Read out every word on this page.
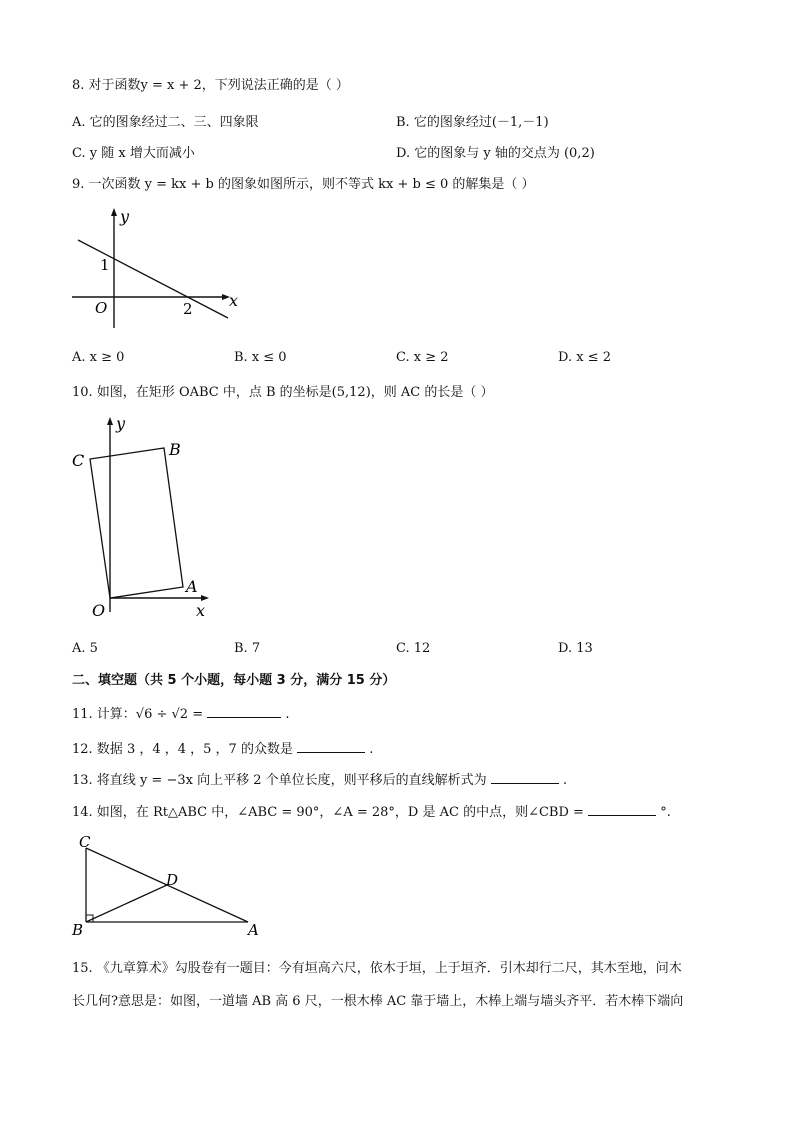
8. 对于函数y = x + 2，下列说法正确的是（ ）
A. 它的图象经过二、三、四象限	B. 它的图象经过(－1,－1)
C. y 随 x 增大而减小	D. 它的图象与 y 轴的交点为 (0,2)
9. 一次函数 y = kx + b 的图象如图所示，则不等式 kx + b ≤ 0 的解集是（ ）
y
x
O
1
2
A. x ≥ 0	B. x ≤ 0	C. x ≥ 2	D. x ≤ 2
10. 如图，在矩形 OABC 中，点 B 的坐标是(5,12)，则 AC 的长是（ ）
y
x
O
A
B
C
A. 5	B. 7	C. 12	D. 13
二、填空题（共 5 个小题，每小题 3 分，满分 15 分）
11. 计算：√6 ÷ √2 =	.
12. 数据 3 ，4 ，4 ，5 ，7 的众数是	.
13. 将直线 y = −3x 向上平移 2 个单位长度，则平移后的直线解析式为	.
14. 如图，在 Rt△ABC 中，∠ABC = 90°，∠A = 28°，D 是 AC 的中点，则∠CBD =	°.
C
B
D
A
15. 《九章算术》勾股卷有一题目：今有垣高六尺，依木于垣，上于垣齐．引木却行二尺，其木至地，问木
长几何?意思是：如图，一道墙 AB 高 6 尺，一根木棒 AC 靠于墙上，木棒上端与墙头齐平．若木棒下端向
